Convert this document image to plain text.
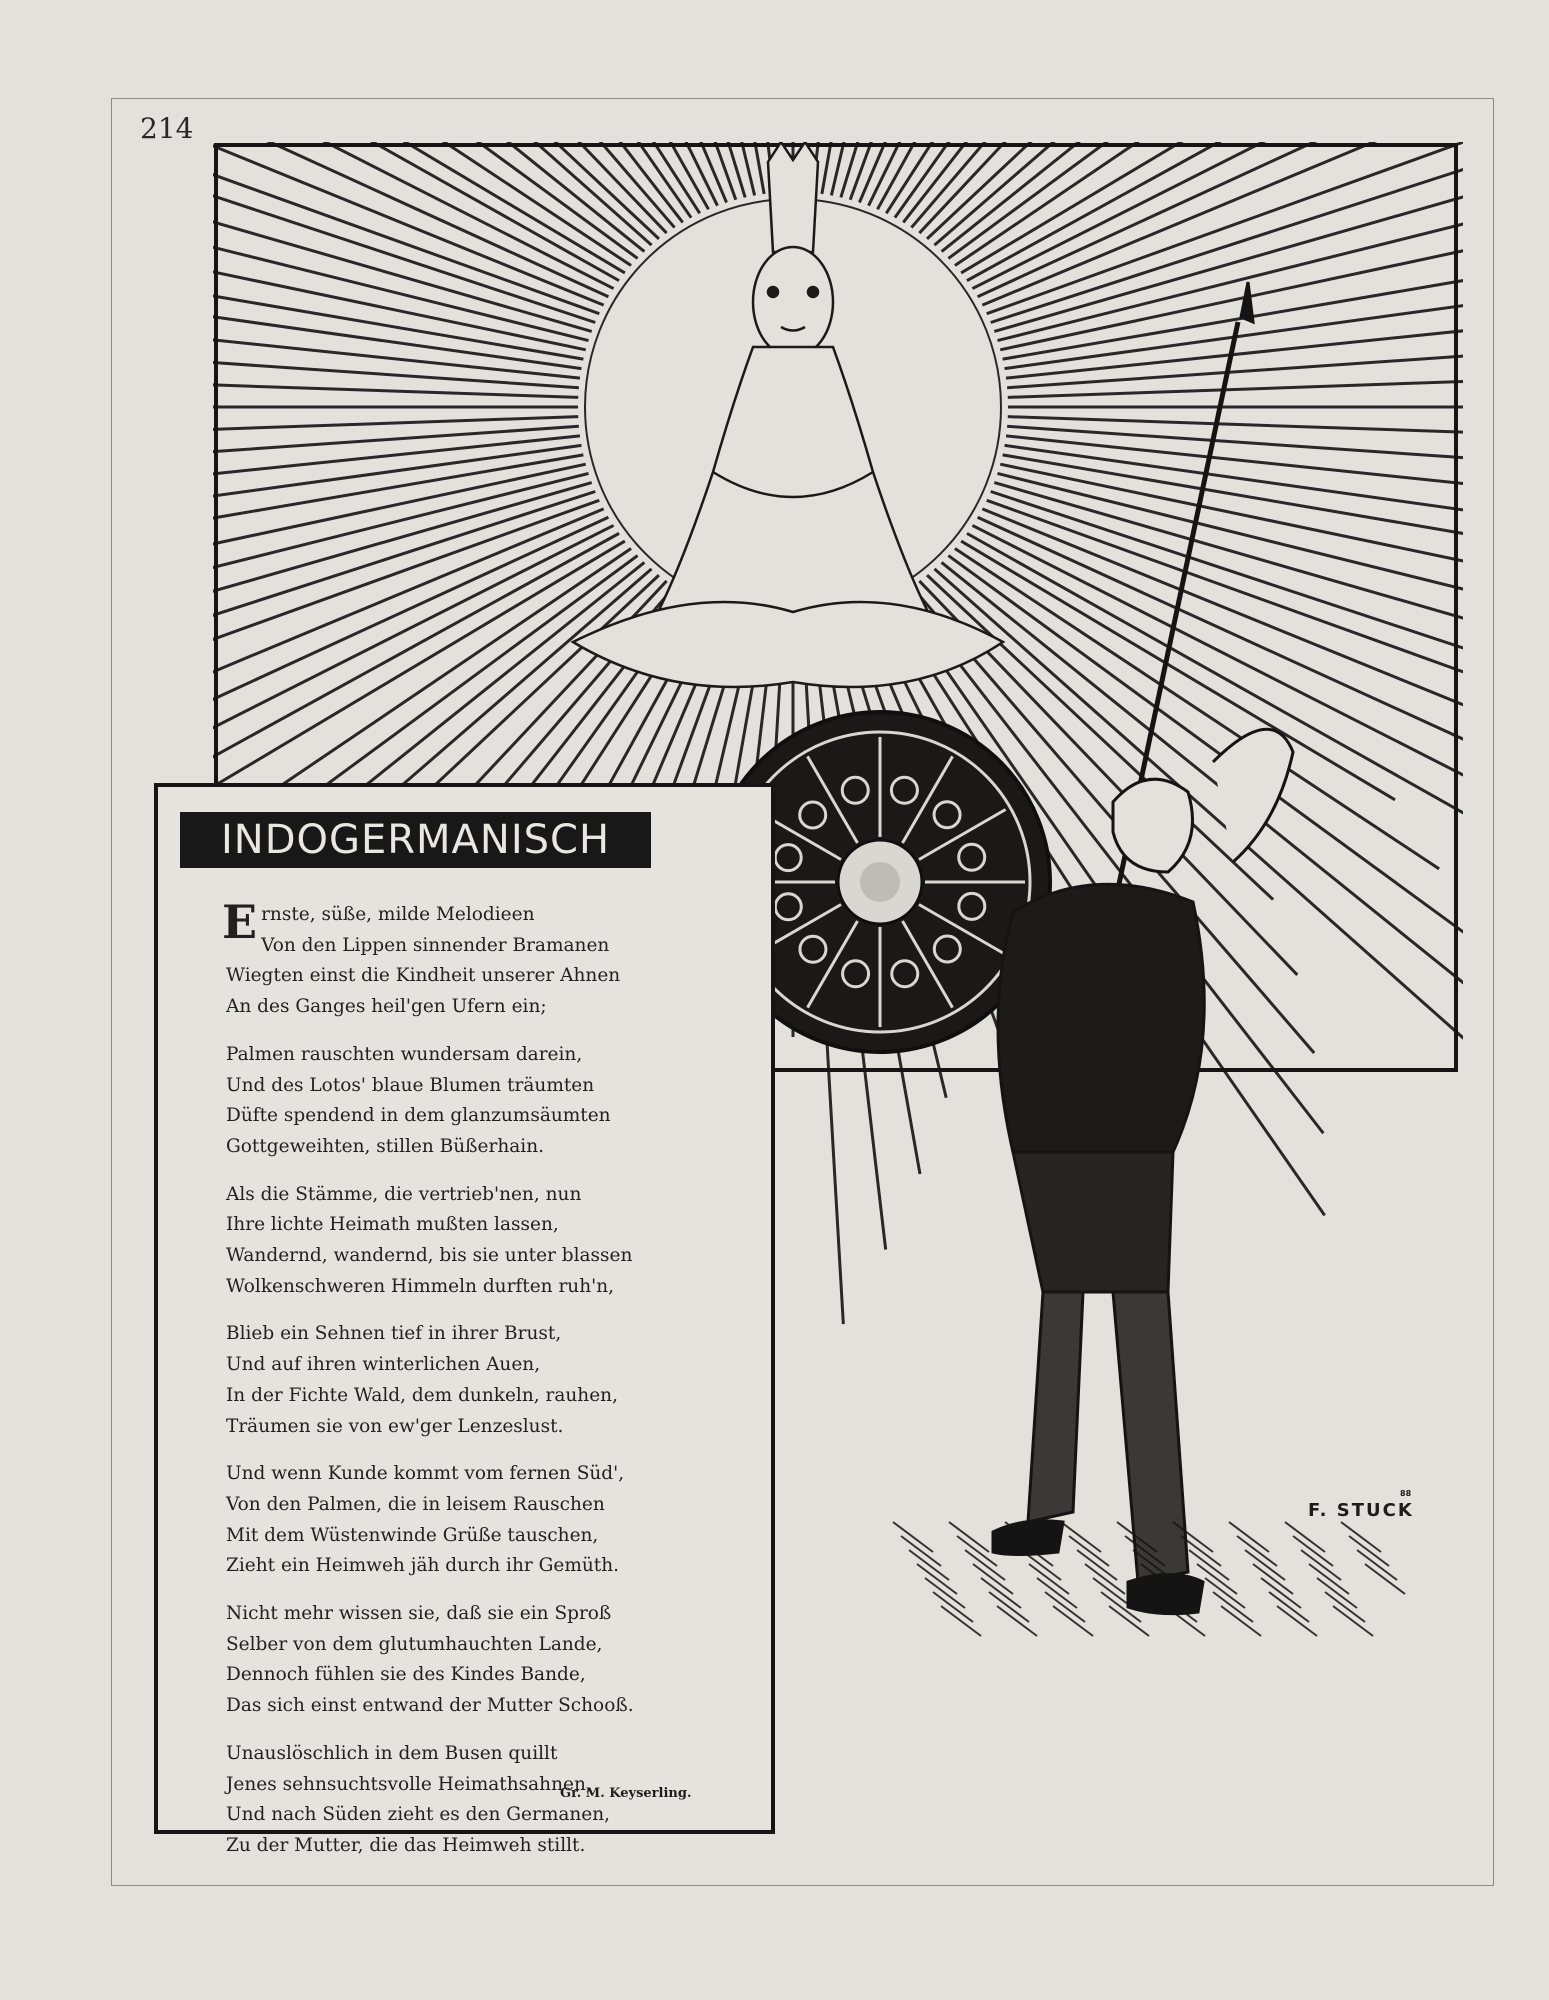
214
INDOGERMANISCH
E rnste, süße, milde Melodieen
Von den Lippen sinnender Bramanen
Wiegten einst die Kindheit unserer Ahnen
An des Ganges heil'gen Ufern ein;
Palmen rauschten wundersam darein,
Und des Lotos' blaue Blumen träumten
Düfte spendend in dem glanzumsäumten
Gottgeweihten, stillen Büßerhain.
Als die Stämme, die vertrieb'nen, nun
Ihre lichte Heimath mußten lassen,
Wandernd, wandernd, bis sie unter blassen
Wolkenschweren Himmeln durften ruh'n,
Blieb ein Sehnen tief in ihrer Brust,
Und auf ihren winterlichen Auen,
In der Fichte Wald, dem dunkeln, rauhen,
Träumen sie von ew'ger Lenzeslust.
Und wenn Kunde kommt vom fernen Süd',
Von den Palmen, die in leisem Rauschen
Mit dem Wüstenwinde Grüße tauschen,
Zieht ein Heimweh jäh durch ihr Gemüth.
Nicht mehr wissen sie, daß sie ein Sproß
Selber von dem glutumhauchten Lande,
Dennoch fühlen sie des Kindes Bande,
Das sich einst entwand der Mutter Schooß.
Unauslöschlich in dem Busen quillt
Jenes sehnsuchtsvolle Heimathsahnen,
Und nach Süden zieht es den Germanen,
Zu der Mutter, die das Heimweh stillt.
Gr. M. Keyserling.
88
F. STUCK
